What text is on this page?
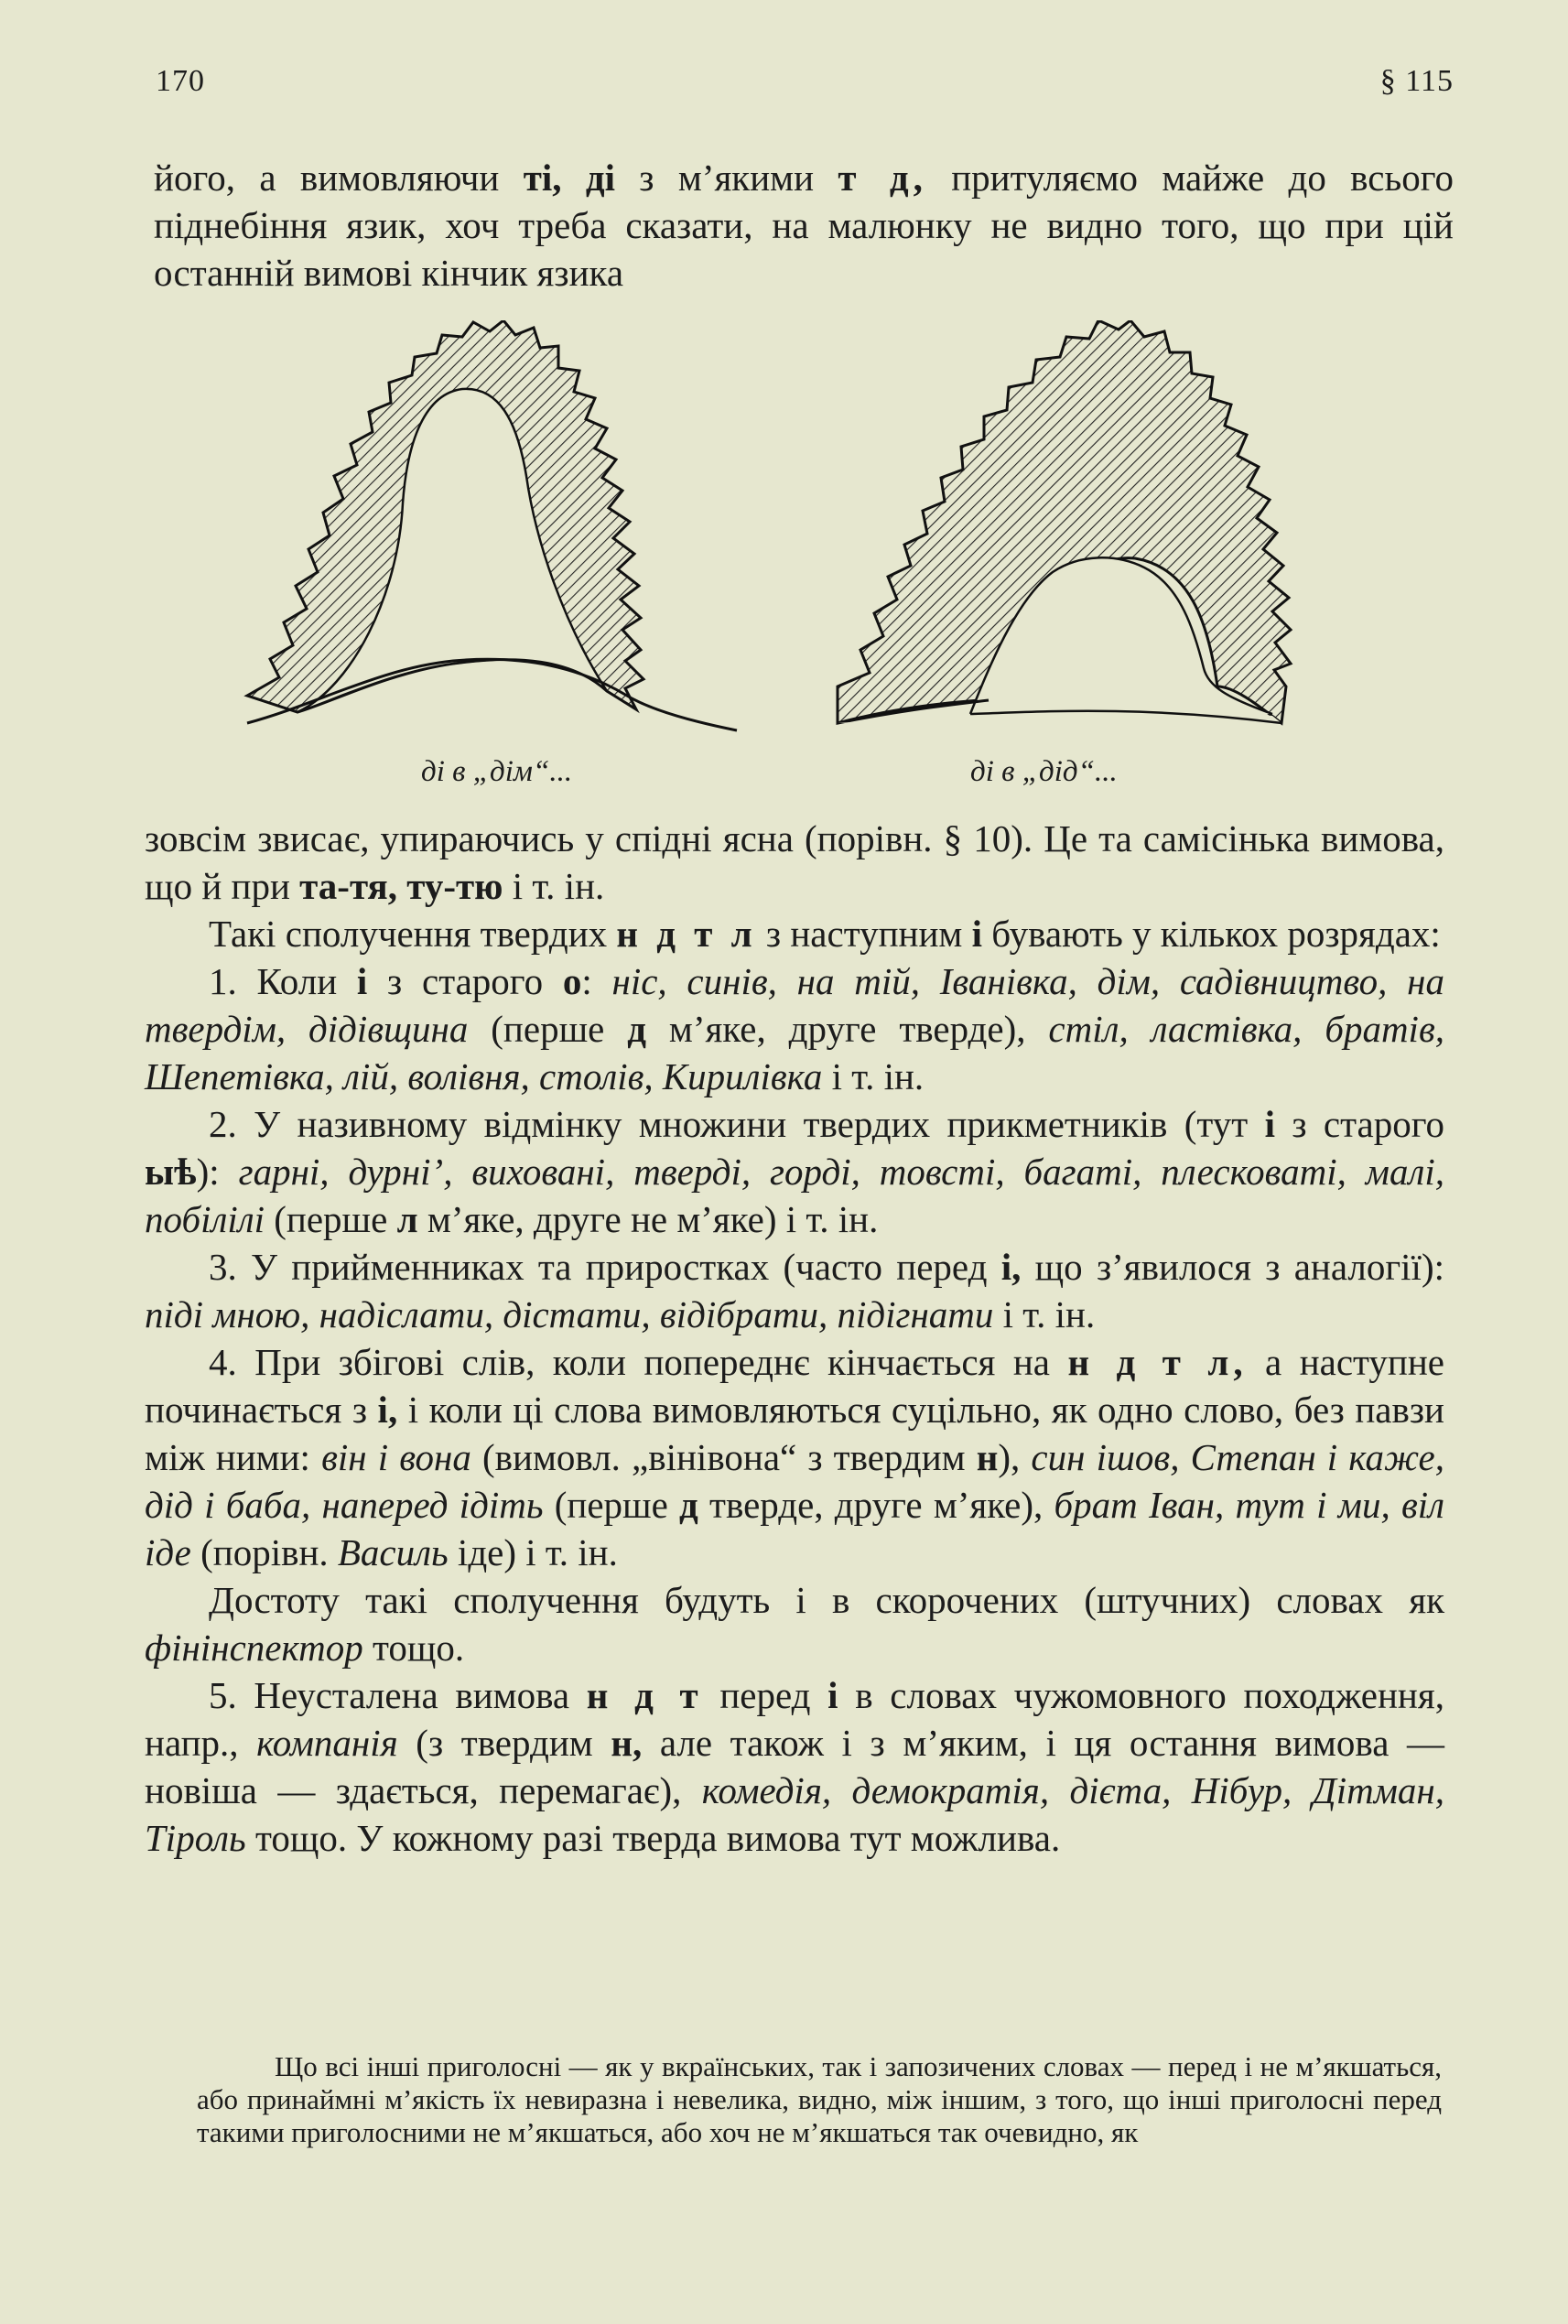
170	§ 115

його, а вимовляючи ті, ді з м’якими т д, притуляємо майже до всього піднебіння язик, хоч треба сказати, на малюнку не видно того, що при цій останній вимові кінчик язика

ді в „дім“...	ді в „дід“...

зовсім звисає, упираючись у спідні ясна (порівн. § 10). Це та самісінька вимова, що й при та-тя, ту-тю і т. ін.

Такі сполучення твердих н д т л з наступним і бувають у кількох розрядах:

1. Коли і з старого о: ніс, синів, на тій, Іванівка, дім, садівництво, на твердім, дідівщина (перше д м’яке, друге тверде), стіл, ластівка, братів, Шепетівка, лій, волівня, столів, Кирилівка і т. ін.

2. У називному відмінку множини твердих прикметників (тут і з старого ыѣ): гарні, дурні’, виховані, тверді, горді, товсті, багаті, плесковаті, малі, побілілі (перше л м’яке, друге не м’яке) і т. ін.

3. У прийменниках та приростках (часто перед і, що з’явилося з аналогії): піді мною, надіслати, дістати, відібрати, підігнати і т. ін.

4. При збігові слів, коли попереднє кінчається на н д т л, а наступне починається з і, і коли ці слова вимовляються суцільно, як одно слово, без павзи між ними: він і вона (вимовл. „вінівона“ з твердим н), син ішов, Степан і каже, дід і баба, наперед ідіть (перше д тверде, друге м’яке), брат Іван, тут і ми, віл іде (порівн. Василь іде) і т. ін.

Достоту такі сполучення будуть і в скорочених (штучних) словах як фінінспектор тощо.

5. Неусталена вимова н д т перед і в словах чужомовного походження, напр., компанія (з твердим н, але також і з м’яким, і ця остання вимова — новіша — здається, перемагає), комедія, демократія, дієта, Нібур, Дітман, Тіроль тощо. У кожному разі тверда вимова тут можлива.

Що всі інші приголосні — як у вкраїнських, так і запозичених словах — перед і не м’якшаться, або принаймні м’якість їх невиразна і невелика, видно, між іншим, з того, що інші приголосні перед такими приголосними не м’якшаться, або хоч не м’якшаться так очевидно, як
